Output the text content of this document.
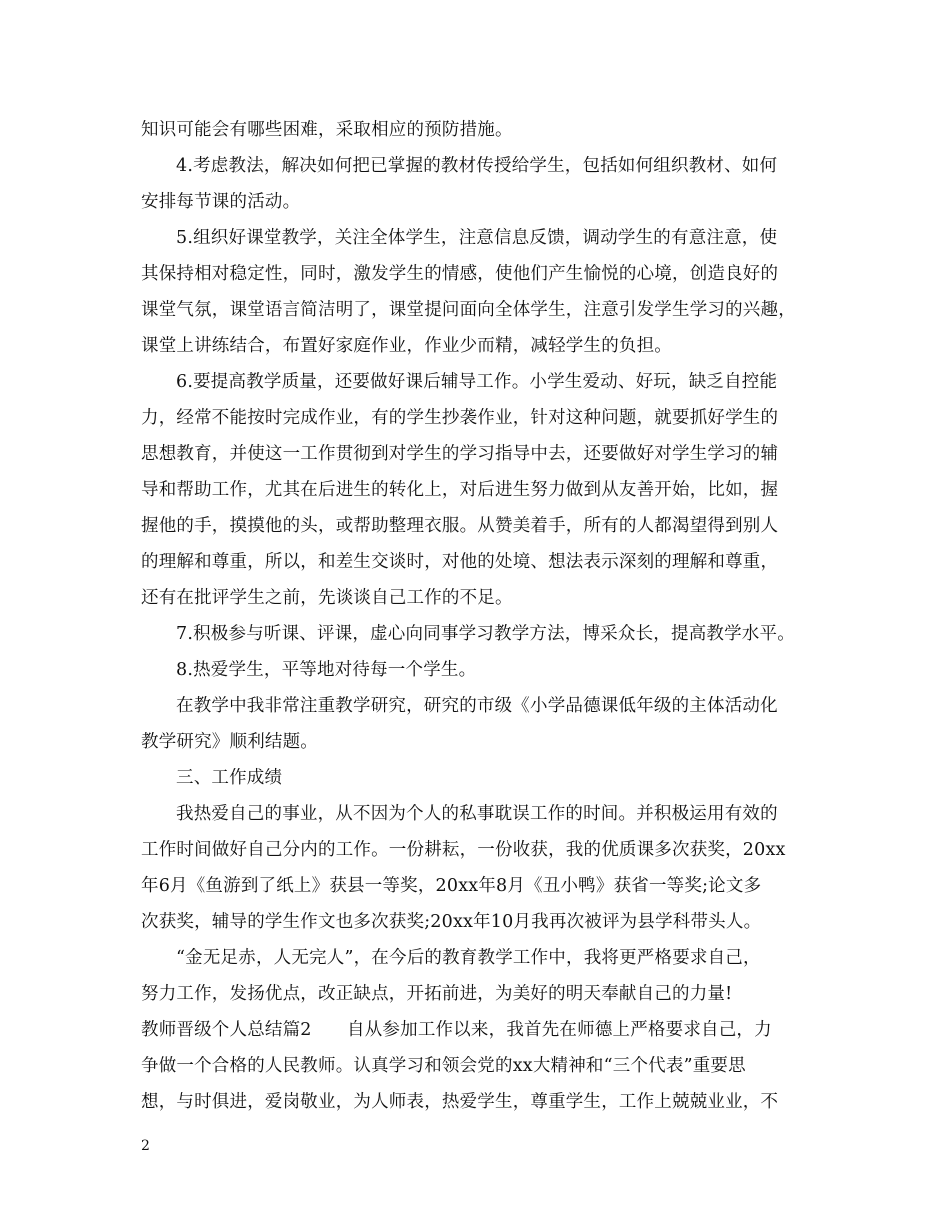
知识可能会有哪些困难，采取相应的预防措施。
4.考虑教法，解决如何把已掌握的教材传授给学生，包括如何组织教材、如何
安排每节课的活动。
5.组织好课堂教学，关注全体学生，注意信息反馈，调动学生的有意注意，使
其保持相对稳定性，同时，激发学生的情感，使他们产生愉悦的心境，创造良好的
课堂气氛，课堂语言简洁明了，课堂提问面向全体学生，注意引发学生学习的兴趣，
课堂上讲练结合，布置好家庭作业，作业少而精，减轻学生的负担。
6.要提高教学质量，还要做好课后辅导工作。小学生爱动、好玩，缺乏自控能
力，经常不能按时完成作业，有的学生抄袭作业，针对这种问题，就要抓好学生的
思想教育，并使这一工作贯彻到对学生的学习指导中去，还要做好对学生学习的辅
导和帮助工作，尤其在后进生的转化上，对后进生努力做到从友善开始，比如，握
握他的手，摸摸他的头，或帮助整理衣服。从赞美着手，所有的人都渴望得到别人
的理解和尊重，所以，和差生交谈时，对他的处境、想法表示深刻的理解和尊重，
还有在批评学生之前，先谈谈自己工作的不足。
7.积极参与听课、评课，虚心向同事学习教学方法，博采众长，提高教学水平。
8.热爱学生，平等地对待每一个学生。
在教学中我非常注重教学研究，研究的市级《小学品德课低年级的主体活动化
教学研究》顺利结题。
三、工作成绩
我热爱自己的事业，从不因为个人的私事耽误工作的时间。并积极运用有效的
工作时间做好自己分内的工作。一份耕耘，一份收获，我的优质课多次获奖，20xx
年6月《鱼游到了纸上》获县一等奖，20xx年8月《丑小鸭》获省一等奖;论文多
次获奖，辅导的学生作文也多次获奖;20xx年10月我再次被评为县学科带头人。
“金无足赤，人无完人”，在今后的教育教学工作中，我将更严格要求自己，
努力工作，发扬优点，改正缺点，开拓前进，为美好的明天奉献自己的力量!
教师晋级个人总结篇2　　自从参加工作以来，我首先在师德上严格要求自己，力
争做一个合格的人民教师。认真学习和领会党的xx大精神和“三个代表”重要思
想，与时俱进，爱岗敬业，为人师表，热爱学生，尊重学生，工作上兢兢业业，不
2
